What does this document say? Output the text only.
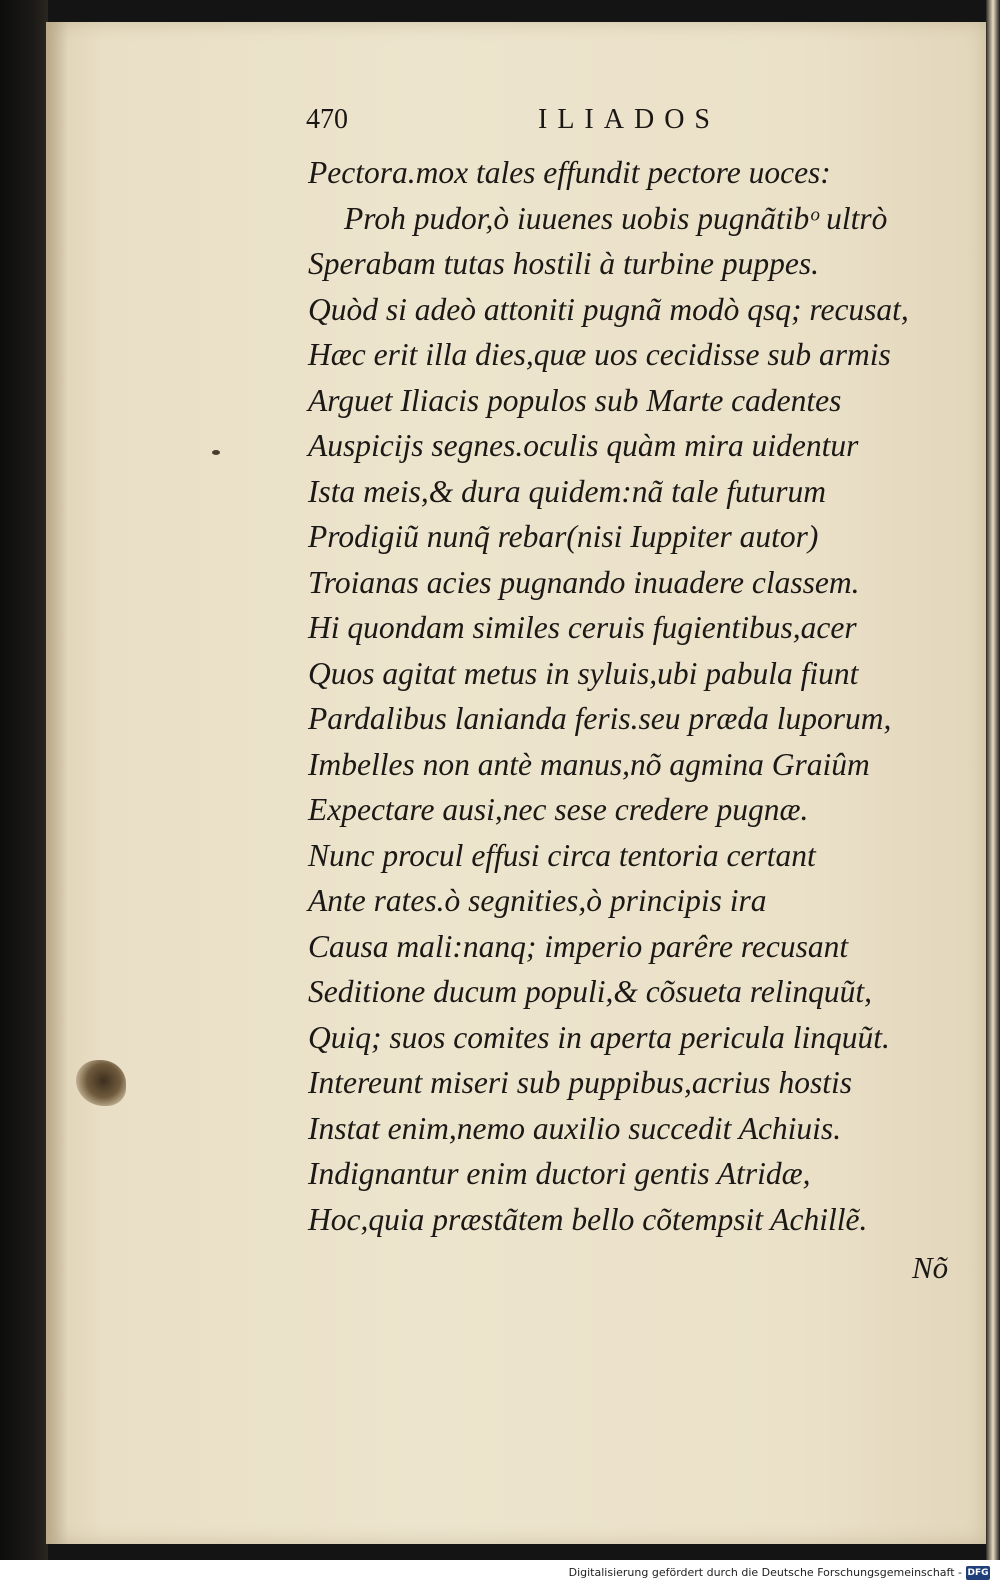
470	ILIADOS
Pectora.mox tales effundit pectore uoces:
Proh pudor,ò iuuenes uobis pugnãtibᵒ ultrò
Sperabam tutas hostili à turbine puppes.
Quòd si adeò attoniti pugnã modò qsq; recusat,
Hæc erit illa dies,quæ uos cecidisse sub armis
Arguet Iliacis populos sub Marte cadentes
Auspicijs segnes.oculis quàm mira uidentur
Ista meis,& dura quidem:nã tale futurum
Prodigiũ nunq̃ rebar(nisi Iuppiter autor)
Troianas acies pugnando inuadere classem.
Hi quondam similes ceruis fugientibus,acer
Quos agitat metus in syluis,ubi pabula fiunt
Pardalibus lanianda feris.seu præda luporum,
Imbelles non antè manus,nõ agmina Graiûm
Expectare ausi,nec sese credere pugnæ.
Nunc procul effusi circa tentoria certant
Ante rates.ò segnities,ò principis ira
Causa mali:nanq; imperio parêre recusant
Seditione ducum populi,& cõsueta relinquũt,
Quiq; suos comites in aperta pericula linquũt.
Intereunt miseri sub puppibus,acrius hostis
Instat enim,nemo auxilio succedit Achiuis.
Indignantur enim ductori gentis Atridæ,
Hoc,quia præstãtem bello cõtempsit Achillẽ.
Nõ
Digitalisierung gefördert durch die Deutsche Forschungsgemeinschaft - DFG
